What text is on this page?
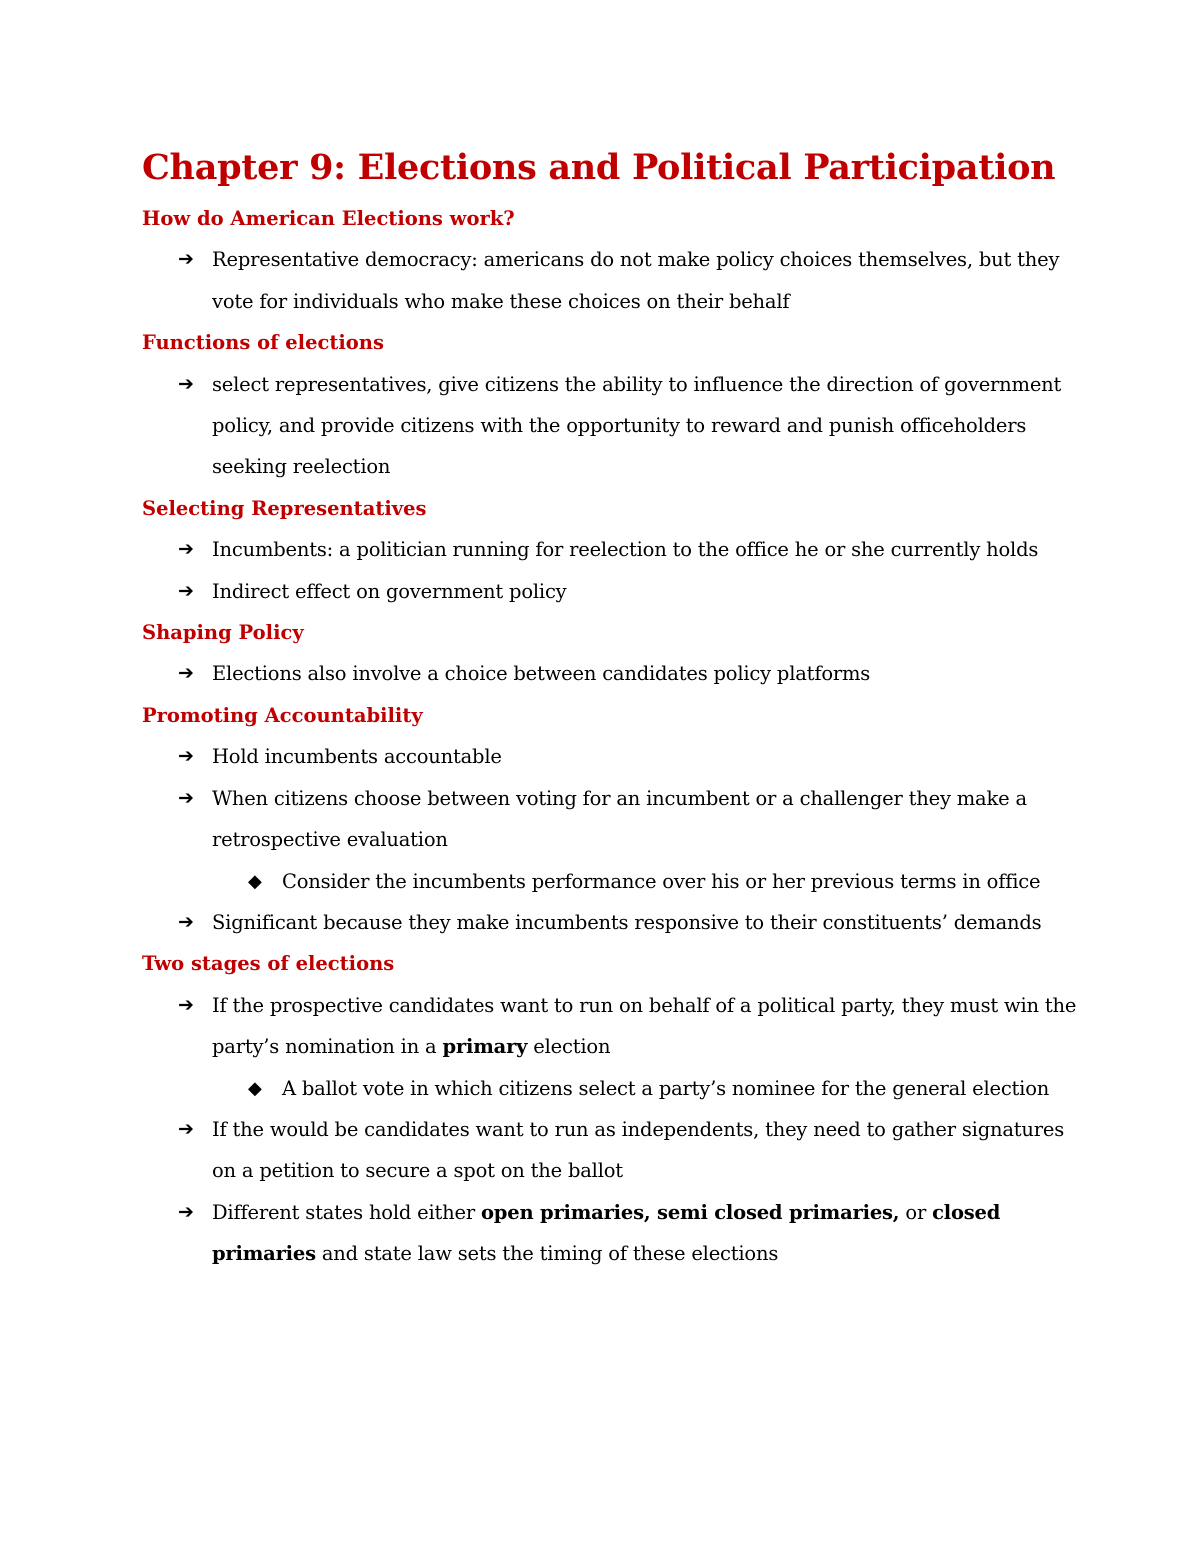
Chapter 9: Elections and Political Participation
How do American Elections work?
➔ Representative democracy: americans do not make policy choices themselves, but they vote for individuals who make these choices on their behalf
Functions of elections
➔ select representatives, give citizens the ability to influence the direction of government policy, and provide citizens with the opportunity to reward and punish officeholders seeking reelection
Selecting Representatives
➔ Incumbents: a politician running for reelection to the office he or she currently holds
➔ Indirect effect on government policy
Shaping Policy
➔ Elections also involve a choice between candidates policy platforms
Promoting Accountability
➔ Hold incumbents accountable
➔ When citizens choose between voting for an incumbent or a challenger they make a retrospective evaluation
◆ Consider the incumbents performance over his or her previous terms in office
➔ Significant because they make incumbents responsive to their constituents’ demands
Two stages of elections
➔ If the prospective candidates want to run on behalf of a political party, they must win the party’s nomination in a primary election
◆ A ballot vote in which citizens select a party’s nominee for the general election
➔ If the would be candidates want to run as independents, they need to gather signatures on a petition to secure a spot on the ballot
➔ Different states hold either open primaries, semi closed primaries, or closed primaries and state law sets the timing of these elections
